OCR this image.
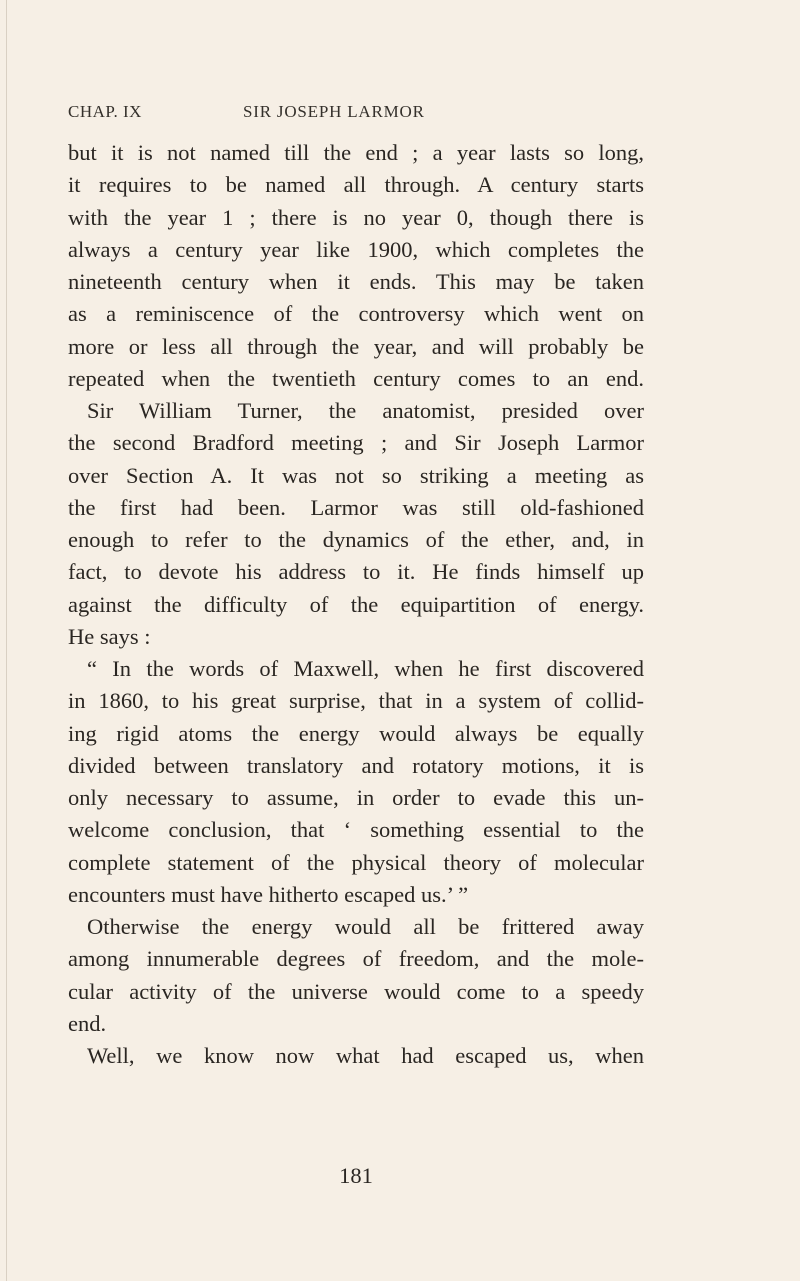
CHAP. IX	SIR JOSEPH LARMOR
but it is not named till the end ; a year lasts so long,
it requires to be named all through. A century starts
with the year 1 ; there is no year 0, though there is
always a century year like 1900, which completes the
nineteenth century when it ends. This may be taken
as a reminiscence of the controversy which went on
more or less all through the year, and will probably be
repeated when the twentieth century comes to an end.
Sir William Turner, the anatomist, presided over
the second Bradford meeting ; and Sir Joseph Larmor
over Section A. It was not so striking a meeting as
the first had been. Larmor was still old-fashioned
enough to refer to the dynamics of the ether, and, in
fact, to devote his address to it. He finds himself up
against the difficulty of the equipartition of energy.
He says :
“ In the words of Maxwell, when he first discovered
in 1860, to his great surprise, that in a system of collid-
ing rigid atoms the energy would always be equally
divided between translatory and rotatory motions, it is
only necessary to assume, in order to evade this un-
welcome conclusion, that ‘ something essential to the
complete statement of the physical theory of molecular
encounters must have hitherto escaped us.’ ”
Otherwise the energy would all be frittered away
among innumerable degrees of freedom, and the mole-
cular activity of the universe would come to a speedy
end.
Well, we know now what had escaped us, when
181
